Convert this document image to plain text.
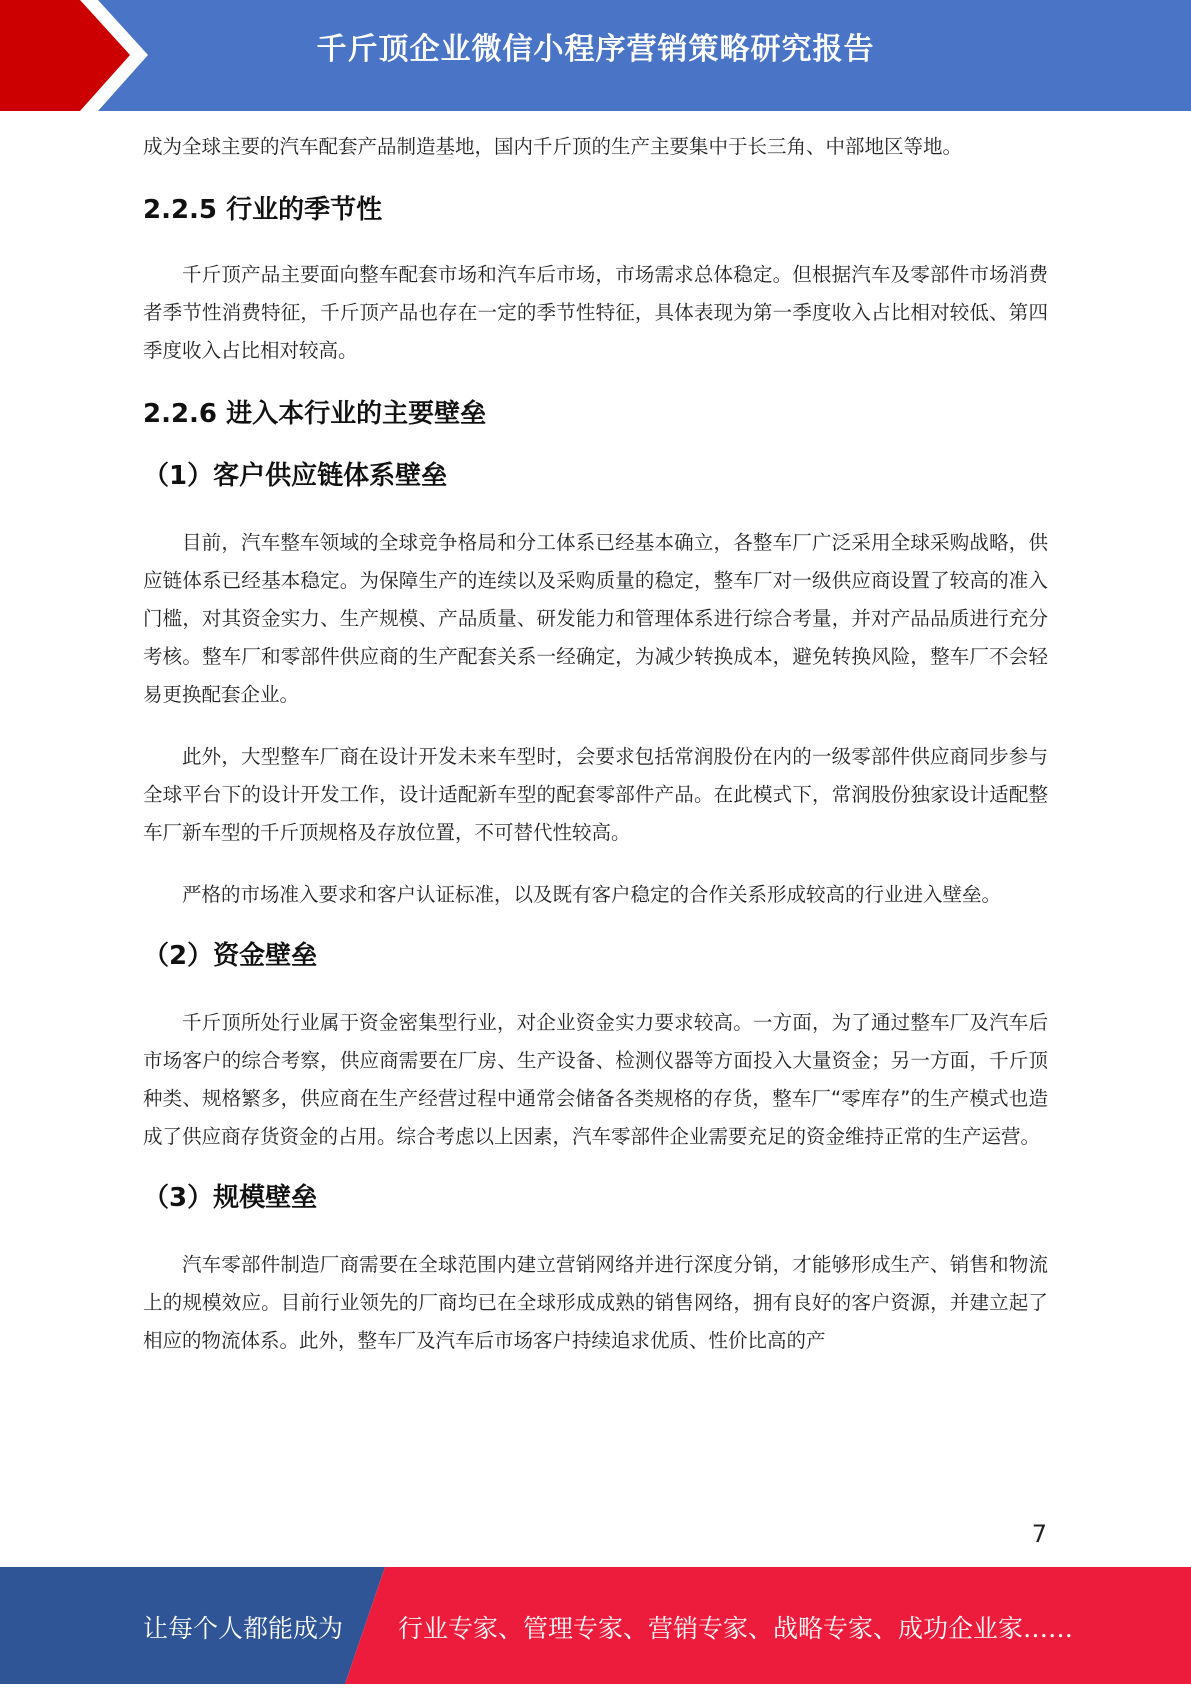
千斤顶企业微信小程序营销策略研究报告

成为全球主要的汽车配套产品制造基地，国内千斤顶的生产主要集中于长三角、中部地区等地。

2.2.5 行业的季节性

千斤顶产品主要面向整车配套市场和汽车后市场，市场需求总体稳定。但根据汽车及零部件市场消费者季节性消费特征，千斤顶产品也存在一定的季节性特征，具体表现为第一季度收入占比相对较低、第四季度收入占比相对较高。

2.2.6 进入本行业的主要壁垒
（1）客户供应链体系壁垒

目前，汽车整车领域的全球竞争格局和分工体系已经基本确立，各整车厂广泛采用全球采购战略，供应链体系已经基本稳定。为保障生产的连续以及采购质量的稳定，整车厂对一级供应商设置了较高的准入门槛，对其资金实力、生产规模、产品质量、研发能力和管理体系进行综合考量，并对产品品质进行充分考核。整车厂和零部件供应商的生产配套关系一经确定，为减少转换成本，避免转换风险，整车厂不会轻易更换配套企业。

此外，大型整车厂商在设计开发未来车型时，会要求包括常润股份在内的一级零部件供应商同步参与全球平台下的设计开发工作，设计适配新车型的配套零部件产品。在此模式下，常润股份独家设计适配整车厂新车型的千斤顶规格及存放位置，不可替代性较高。

严格的市场准入要求和客户认证标准，以及既有客户稳定的合作关系形成较高的行业进入壁垒。

（2）资金壁垒

千斤顶所处行业属于资金密集型行业，对企业资金实力要求较高。一方面，为了通过整车厂及汽车后市场客户的综合考察，供应商需要在厂房、生产设备、检测仪器等方面投入大量资金；另一方面，千斤顶种类、规格繁多，供应商在生产经营过程中通常会储备各类规格的存货，整车厂“零库存”的生产模式也造成了供应商存货资金的占用。综合考虑以上因素，汽车零部件企业需要充足的资金维持正常的生产运营。

（3）规模壁垒

汽车零部件制造厂商需要在全球范围内建立营销网络并进行深度分销，才能够形成生产、销售和物流上的规模效应。目前行业领先的厂商均已在全球形成成熟的销售网络，拥有良好的客户资源，并建立起了相应的物流体系。此外，整车厂及汽车后市场客户持续追求优质、性价比高的产

7
让每个人都能成为 行业专家、管理专家、营销专家、战略专家、成功企业家……
